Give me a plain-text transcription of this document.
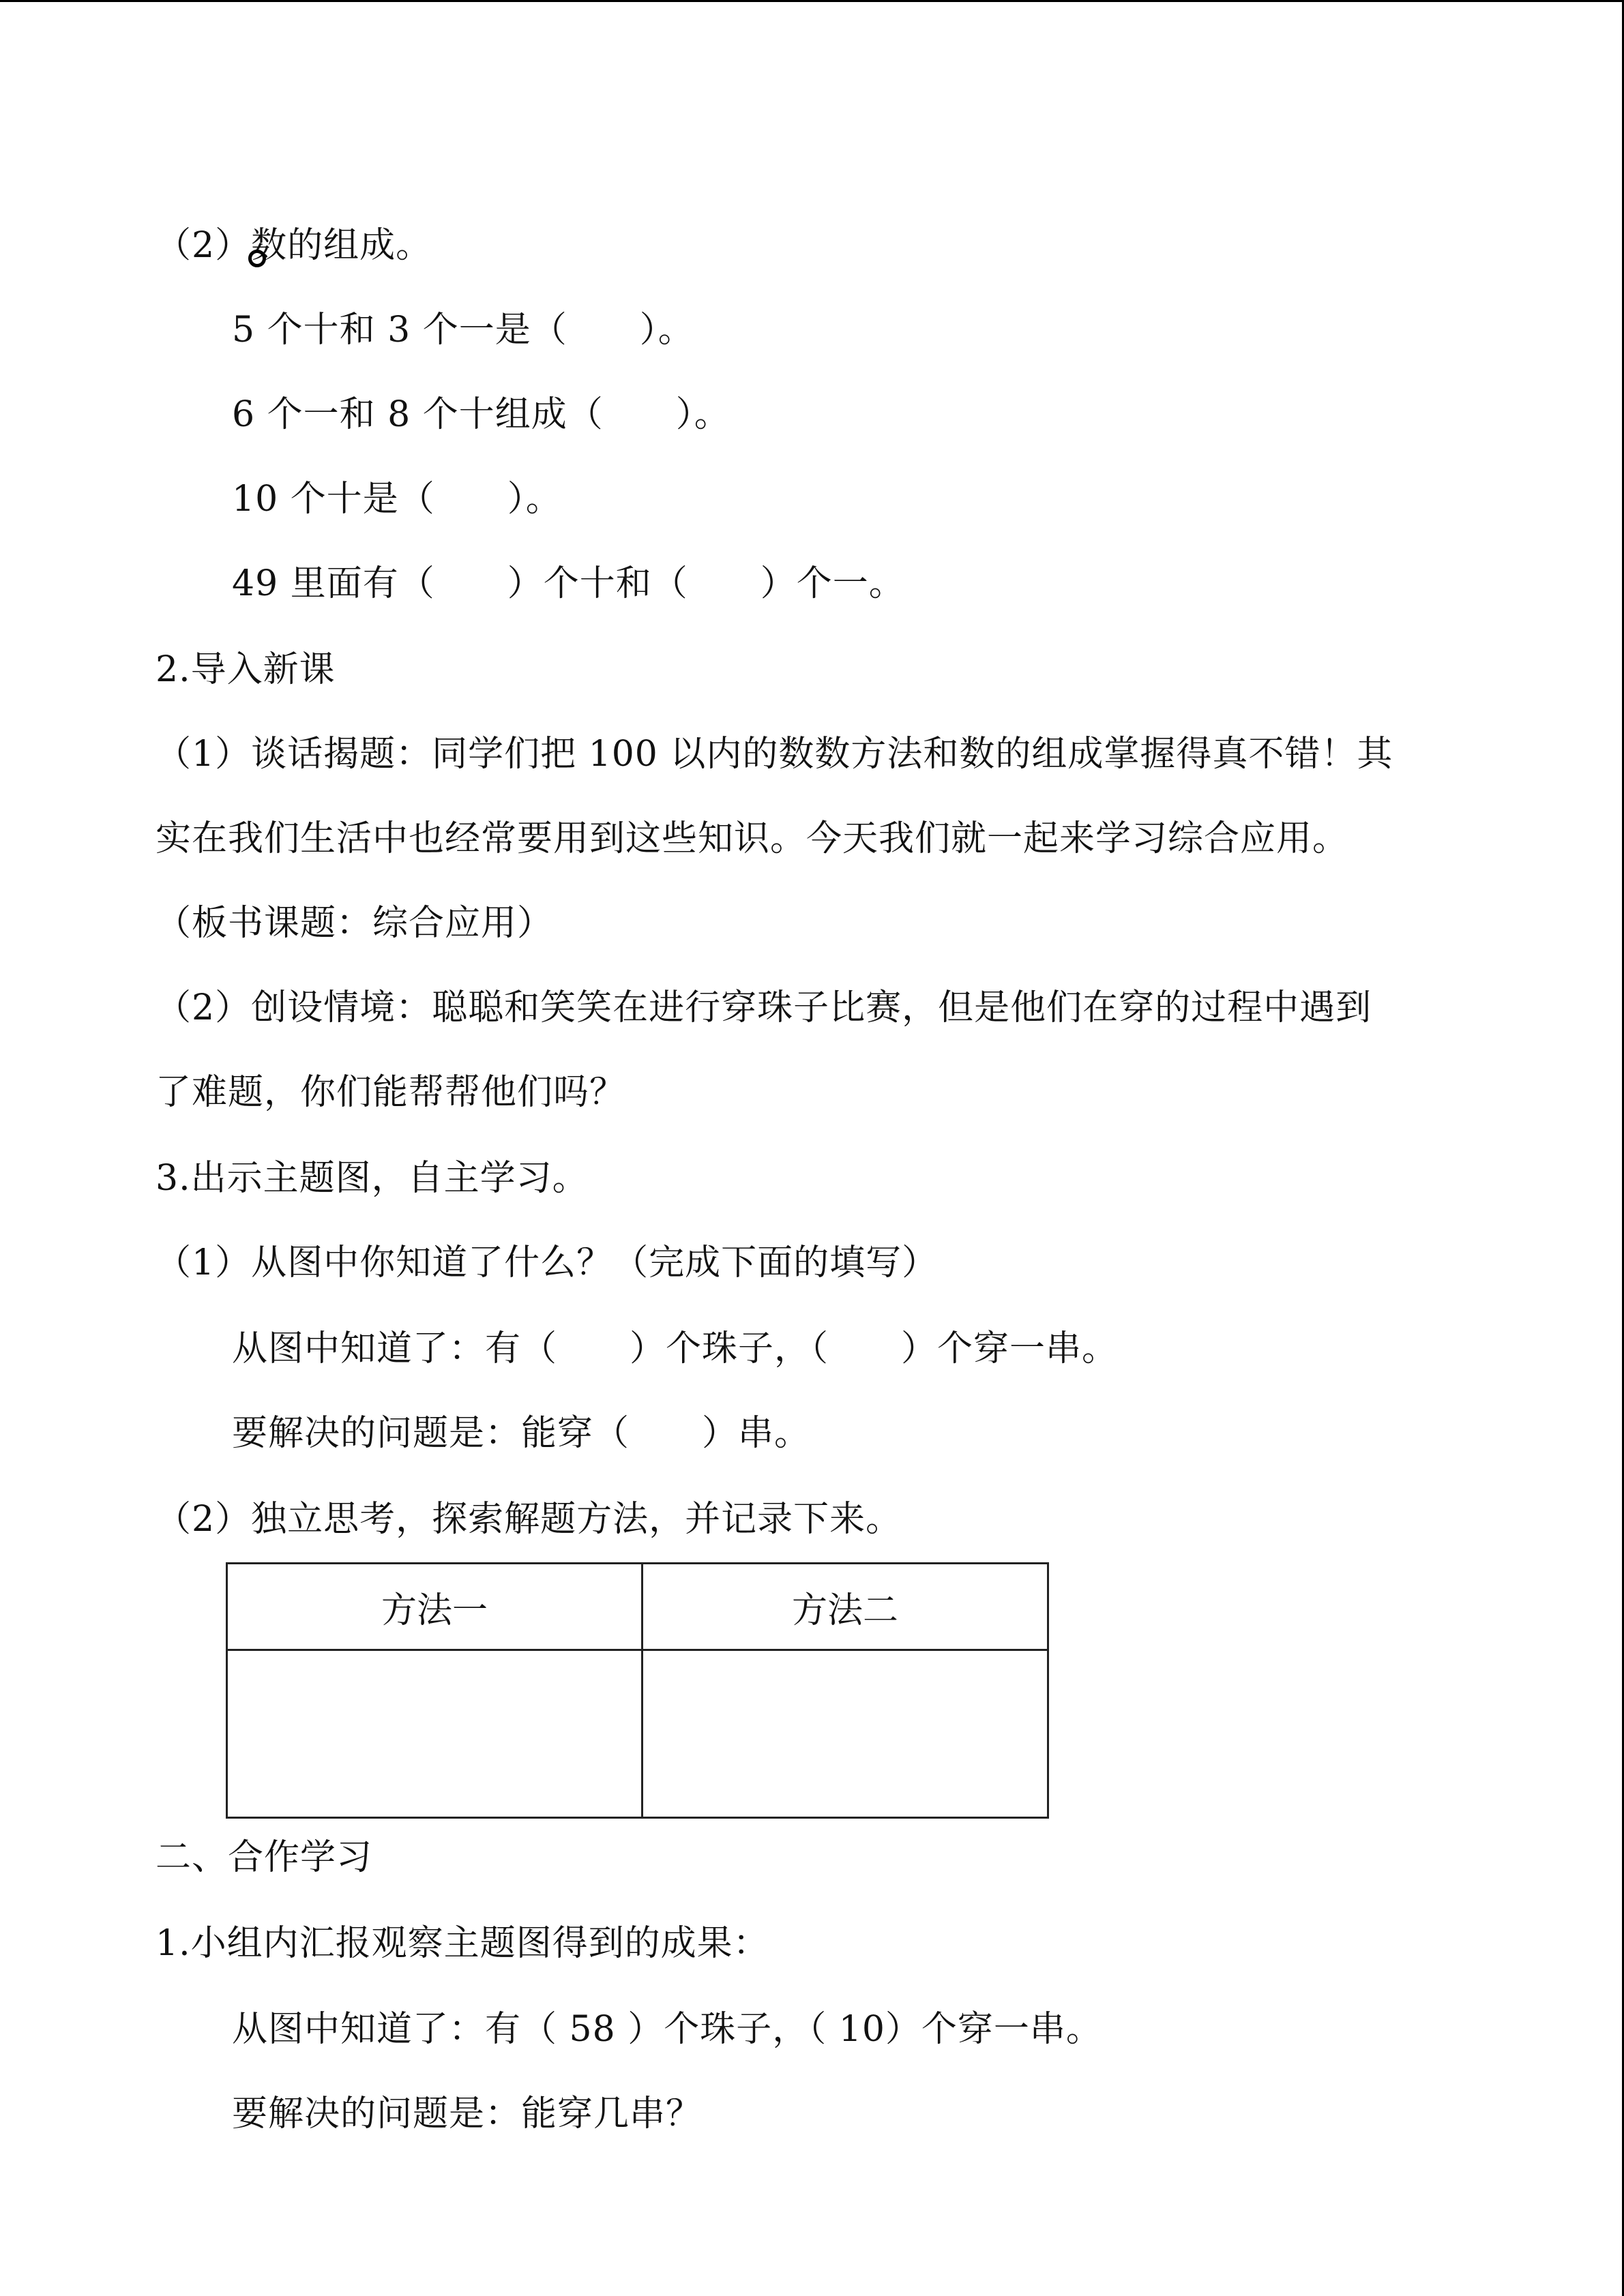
（2）数的组成。
5 个十和 3 个一是（　　）。
6 个一和 8 个十组成（　　）。
10 个十是（　　）。
49 里面有（　　）个十和（　　）个一。
2.导入新课
（1）谈话揭题：同学们把 100 以内的数数方法和数的组成掌握得真不错！其
实在我们生活中也经常要用到这些知识。今天我们就一起来学习综合应用。
（板书课题：综合应用）
（2）创设情境：聪聪和笑笑在进行穿珠子比赛，但是他们在穿的过程中遇到
了难题，你们能帮帮他们吗？
3.出示主题图，自主学习。
（1）从图中你知道了什么？（完成下面的填写）
从图中知道了：有（　　）个珠子，（　　）个穿一串。
要解决的问题是：能穿（　　）串。
（2）独立思考，探索解题方法，并记录下来。
方法一	方法二

二、合作学习
1.小组内汇报观察主题图得到的成果：
从图中知道了：有（ 58 ）个珠子，（ 10）个穿一串。
要解决的问题是：能穿几串？
